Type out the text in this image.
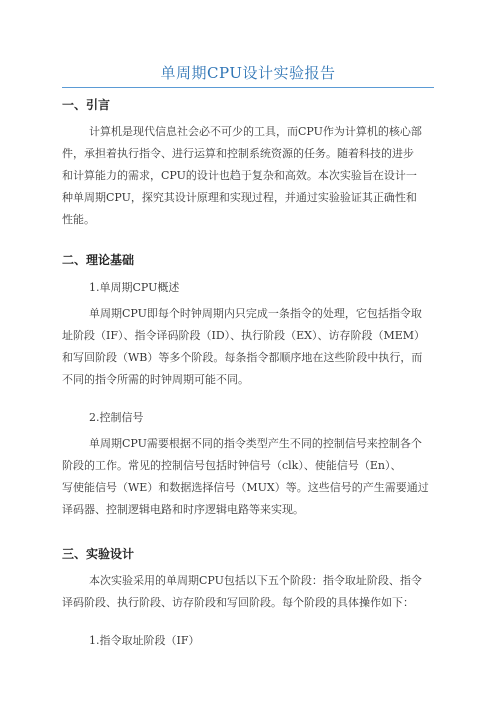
单周期CPU设计实验报告
一、引言
计算机是现代信息社会必不可少的工具，而CPU作为计算机的核心部
件，承担着执行指令、进行运算和控制系统资源的任务。随着科技的进步
和计算能力的需求，CPU的设计也趋于复杂和高效。本次实验旨在设计一
种单周期CPU，探究其设计原理和实现过程，并通过实验验证其正确性和
性能。
二、理论基础
1.单周期CPU概述
单周期CPU即每个时钟周期内只完成一条指令的处理，它包括指令取
址阶段（IF）、指令译码阶段（ID）、执行阶段（EX）、访存阶段（MEM）
和写回阶段（WB）等多个阶段。每条指令都顺序地在这些阶段中执行，而
不同的指令所需的时钟周期可能不同。
2.控制信号
单周期CPU需要根据不同的指令类型产生不同的控制信号来控制各个
阶段的工作。常见的控制信号包括时钟信号（clk）、使能信号（En）、
写使能信号（WE）和数据选择信号（MUX）等。这些信号的产生需要通过
译码器、控制逻辑电路和时序逻辑电路等来实现。
三、实验设计
本次实验采用的单周期CPU包括以下五个阶段：指令取址阶段、指令
译码阶段、执行阶段、访存阶段和写回阶段。每个阶段的具体操作如下：
1.指令取址阶段（IF）
